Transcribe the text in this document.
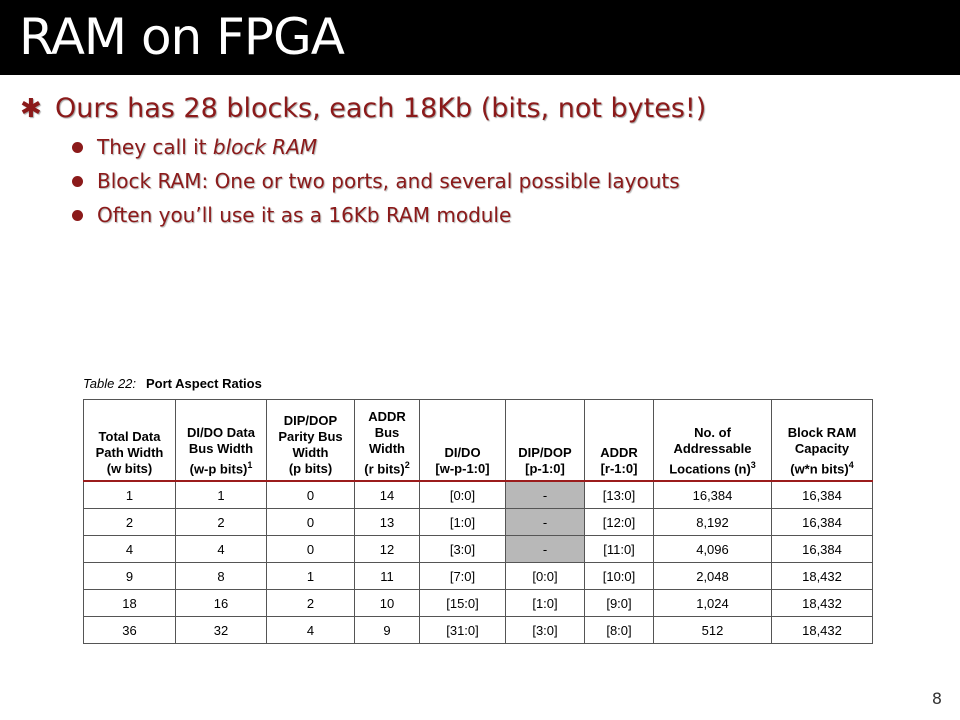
RAM on FPGA
✱ Ours has 28 blocks, each 18Kb (bits, not bytes!)
They call it block RAM
Block RAM: One or two ports, and several possible layouts
Often you’ll use it as a 16Kb RAM module
Table 22: Port Aspect Ratios
Total Data
Path Width
(w bits)	DI/DO Data
Bus Width
(w-p bits)$^1$	DIP/DOP
Parity Bus
Width
(p bits)	ADDR
Bus
Width
(r bits)$^2$	DI/DO
[w-p-1:0]	DIP/DOP
[p-1:0]	ADDR
[r-1:0]	No. of
Addressable
Locations $(n)^3$	Block RAM
Capacity
(w*n bits)$^4$
1	1	0	14	[0:0]	-	[13:0]	16,384	16,384
2	2	0	13	[1:0]	-	[12:0]	8,192	16,384
4	4	0	12	[3:0]	-	[11:0]	4,096	16,384
9	8	1	11	[7:0]	[0:0]	[10:0]	2,048	18,432
18	16	2	10	[15:0]	[1:0]	[9:0]	1,024	18,432
36	32	4	9	[31:0]	[3:0]	[8:0]	512	18,432
8
